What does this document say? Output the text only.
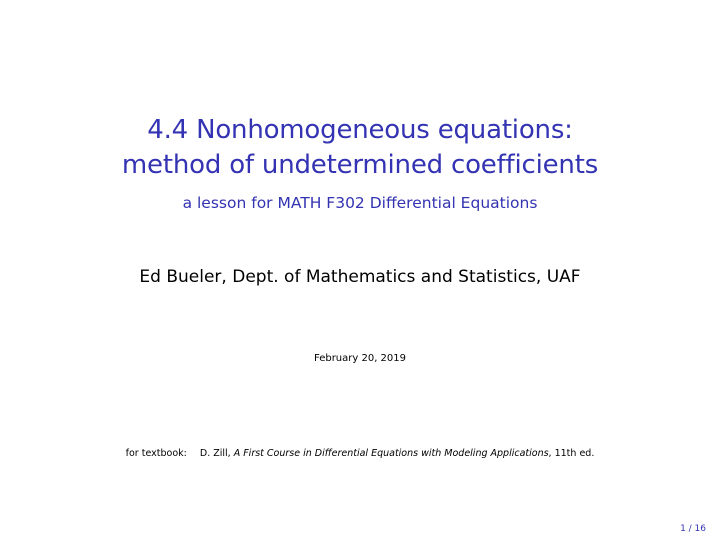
4.4 Nonhomogeneous equations:
method of undetermined coefficients
a lesson for MATH F302 Differential Equations
Ed Bueler, Dept. of Mathematics and Statistics, UAF
February 20, 2019
for textbook: D. Zill, A First Course in Differential Equations with Modeling Applications, 11th ed.
1 / 16
